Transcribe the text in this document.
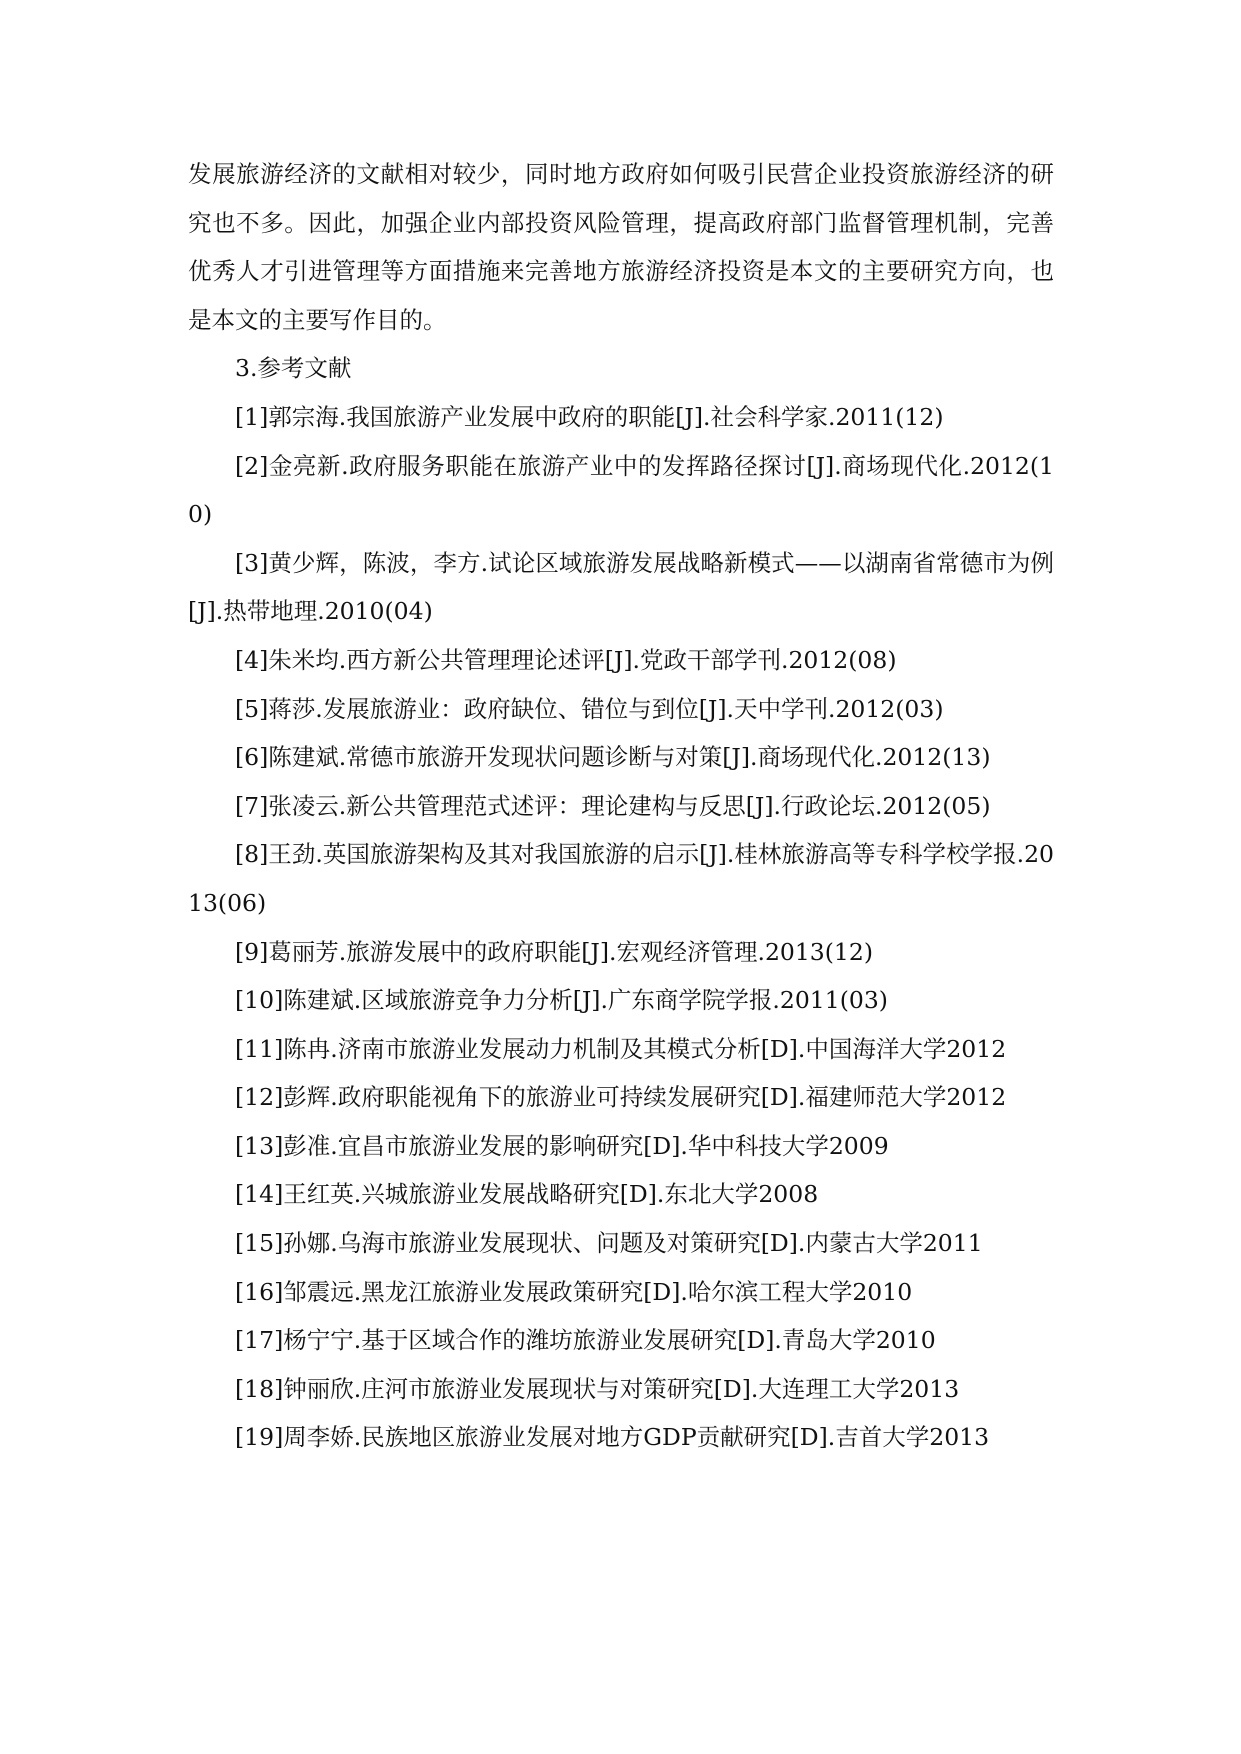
发展旅游经济的文献相对较少，同时地方政府如何吸引民营企业投资旅游经济的研究也不多。因此，加强企业内部投资风险管理，提高政府部门监督管理机制，完善优秀人才引进管理等方面措施来完善地方旅游经济投资是本文的主要研究方向，也是本文的主要写作目的。

3.参考文献

[1]郭宗海.我国旅游产业发展中政府的职能[J].社会科学家.2011(12)
[2]金亮新.政府服务职能在旅游产业中的发挥路径探讨[J].商场现代化.2012(10)
[3]黄少辉，陈波，李方.试论区域旅游发展战略新模式——以湖南省常德市为例[J].热带地理.2010(04)
[4]朱米均.西方新公共管理理论述评[J].党政干部学刊.2012(08)
[5]蒋莎.发展旅游业：政府缺位、错位与到位[J].天中学刊.2012(03)
[6]陈建斌.常德市旅游开发现状问题诊断与对策[J].商场现代化.2012(13)
[7]张凌云.新公共管理范式述评：理论建构与反思[J].行政论坛.2012(05)
[8]王劲.英国旅游架构及其对我国旅游的启示[J].桂林旅游高等专科学校学报.2013(06)
[9]葛丽芳.旅游发展中的政府职能[J].宏观经济管理.2013(12)
[10]陈建斌.区域旅游竞争力分析[J].广东商学院学报.2011(03)
[11]陈冉.济南市旅游业发展动力机制及其模式分析[D].中国海洋大学2012
[12]彭辉.政府职能视角下的旅游业可持续发展研究[D].福建师范大学2012
[13]彭准.宜昌市旅游业发展的影响研究[D].华中科技大学2009
[14]王红英.兴城旅游业发展战略研究[D].东北大学2008
[15]孙娜.乌海市旅游业发展现状、问题及对策研究[D].内蒙古大学2011
[16]邹震远.黑龙江旅游业发展政策研究[D].哈尔滨工程大学2010
[17]杨宁宁.基于区域合作的潍坊旅游业发展研究[D].青岛大学2010
[18]钟丽欣.庄河市旅游业发展现状与对策研究[D].大连理工大学2013
[19]周李娇.民族地区旅游业发展对地方GDP贡献研究[D].吉首大学2013
